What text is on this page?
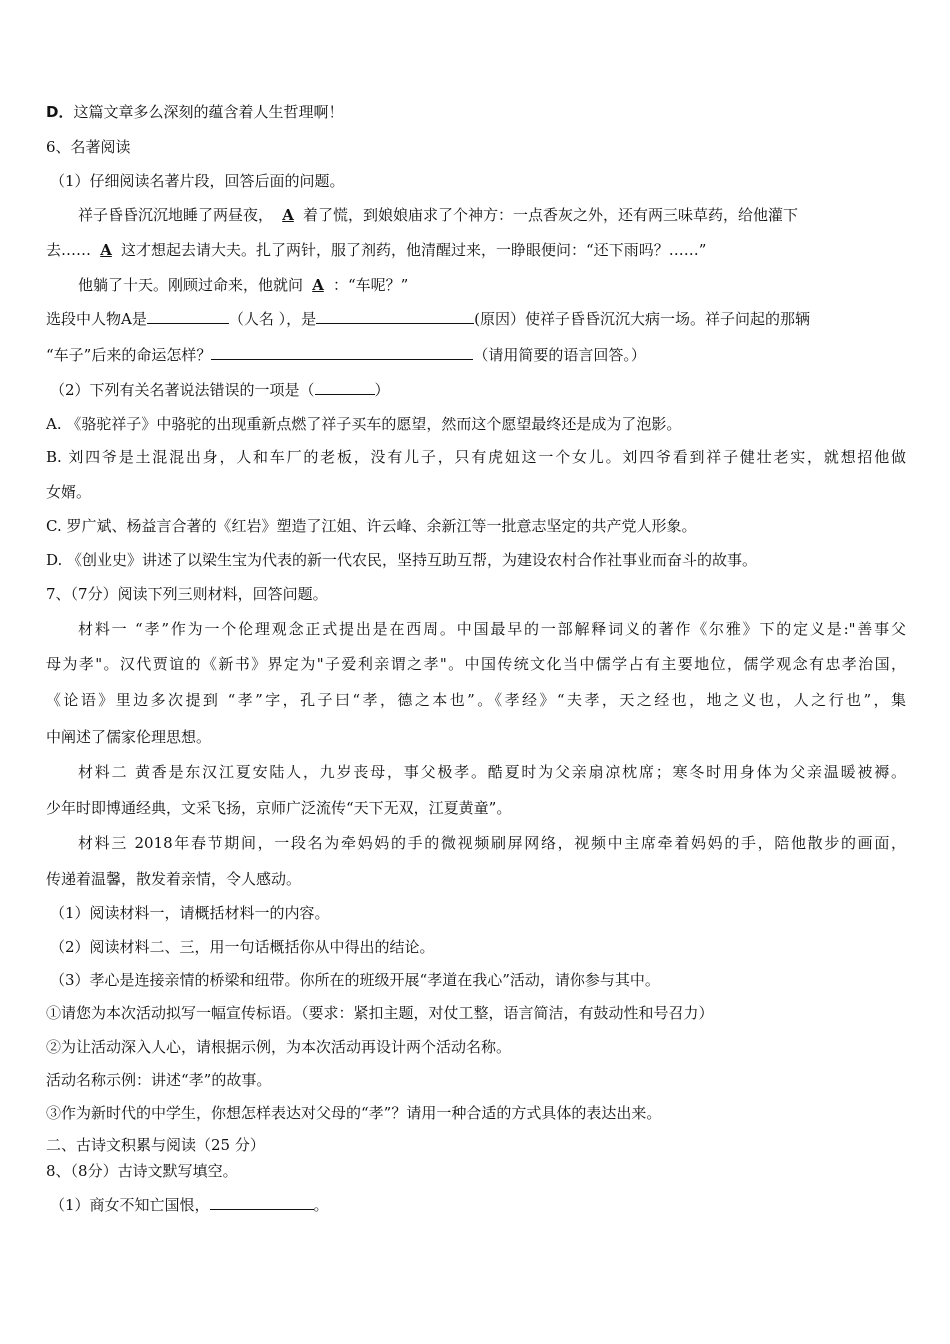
D．这篇文章多么深刻的蕴含着人生哲理啊！
6、名著阅读
（1）仔细阅读名著片段，回答后面的问题。
祥子昏昏沉沉地睡了两昼夜， A 着了慌，到娘娘庙求了个神方：一点香灰之外，还有两三味草药，给他灌下
去…… A 这才想起去请大夫。扎了两针，服了剂药，他清醒过来，一睁眼便问：“还下雨吗？……”
他躺了十天。刚顾过命来，他就问 A ：“车呢？”
选段中人物A是	（人名 ），是	(原因）使祥子昏昏沉沉大病一场。祥子问起的那辆
“车子”后来的命运怎样？	（请用简要的语言回答。）
（2）下列有关名著说法错误的一项是（	）
A. 《骆驼祥子》中骆驼的出现重新点燃了祥子买车的愿望，然而这个愿望最终还是成为了泡影。
B. 刘四爷是土混混出身，人和车厂的老板，没有儿子，只有虎妞这一个女儿。刘四爷看到祥子健壮老实，就想招他做
女婿。
C. 罗广斌、杨益言合著的《红岩》塑造了江姐、许云峰、余新江等一批意志坚定的共产党人形象。
D. 《创业史》讲述了以梁生宝为代表的新一代农民，坚持互助互帮，为建设农村合作社事业而奋斗的故事。
7、（7分）阅读下列三则材料，回答问题。
材料一 “孝”作为一个伦理观念正式提出是在西周。中国最早的一部解释词义的著作《尔雅》下的定义是:"善事父
母为孝"。汉代贾谊的《新书》界定为"子爱利亲谓之孝"。中国传统文化当中儒学占有主要地位，儒学观念有忠孝治国，
《论语》里边多次提到 “孝”字，孔子曰“孝，德之本也”。《孝经》“夫孝，天之经也，地之义也，人之行也”，集
中阐述了儒家伦理思想。
材料二 黄香是东汉江夏安陆人，九岁丧母，事父极孝。酷夏时为父亲扇凉枕席；寒冬时用身体为父亲温暖被褥。
少年时即博通经典，文采飞扬，京师广泛流传“天下无双，江夏黄童”。
材料三 2018年春节期间，一段名为牵妈妈的手的微视频刷屏网络，视频中主席牵着妈妈的手，陪他散步的画面，
传递着温馨，散发着亲情，令人感动。
（1）阅读材料一，请概括材料一的内容。
（2）阅读材料二、三，用一句话概括你从中得出的结论。
（3）孝心是连接亲情的桥梁和纽带。你所在的班级开展“孝道在我心”活动，请你参与其中。
①请您为本次活动拟写一幅宣传标语。（要求：紧扣主题，对仗工整，语言简洁，有鼓动性和号召力）
②为让活动深入人心，请根据示例，为本次活动再设计两个活动名称。
活动名称示例：讲述“孝”的故事。
③作为新时代的中学生，你想怎样表达对父母的“孝”？请用一种合适的方式具体的表达出来。
二、古诗文积累与阅读（25 分）
8、（8分）古诗文默写填空。
（1）商女不知亡国恨，	。
